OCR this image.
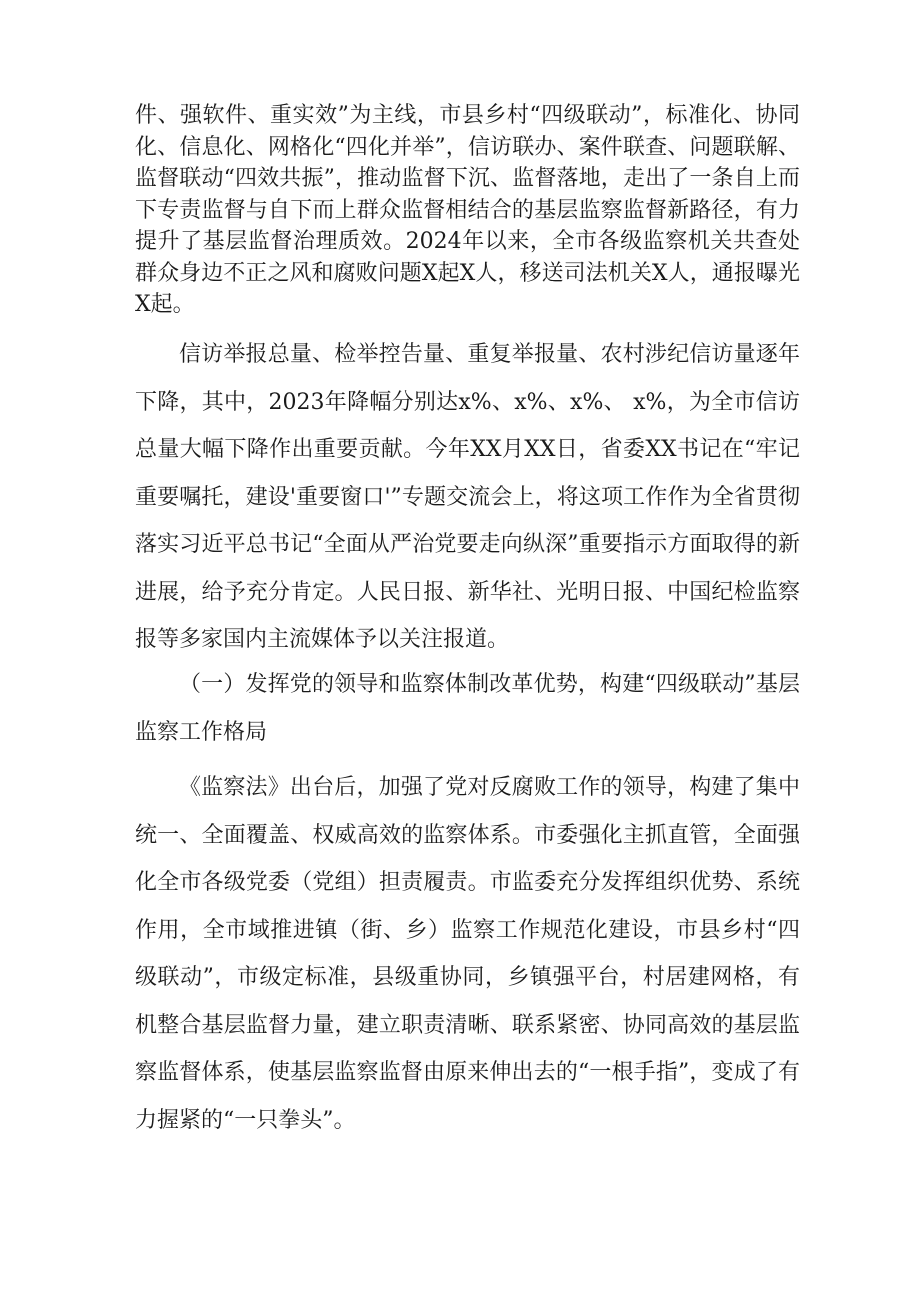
件、强软件、重实效”为主线，市县乡村“四级联动”，标准化、协同化、信息化、网格化“四化并举”，信访联办、案件联查、问题联解、监督联动“四效共振”，推动监督下沉、监督落地，走出了一条自上而下专责监督与自下而上群众监督相结合的基层监察监督新路径，有力提升了基层监督治理质效。2024年以来，全市各级监察机关共查处群众身边不正之风和腐败问题X起X人，移送司法机关X人，通报曝光X起。

信访举报总量、检举控告量、重复举报量、农村涉纪信访量逐年下降，其中，2023年降幅分别达x%、x%、x%、 x%，为全市信访总量大幅下降作出重要贡献。今年XX月XX日，省委XX书记在“牢记重要嘱托，建设'重要窗口'”专题交流会上，将这项工作作为全省贯彻落实习近平总书记“全面从严治党要走向纵深”重要指示方面取得的新进展，给予充分肯定。人民日报、新华社、光明日报、中国纪检监察报等多家国内主流媒体予以关注报道。

（一）发挥党的领导和监察体制改革优势，构建“四级联动”基层监察工作格局

《监察法》出台后，加强了党对反腐败工作的领导，构建了集中统一、全面覆盖、权威高效的监察体系。市委强化主抓直管，全面强化全市各级党委（党组）担责履责。市监委充分发挥组织优势、系统作用，全市域推进镇（街、乡）监察工作规范化建设，市县乡村“四级联动”，市级定标准，县级重协同，乡镇强平台，村居建网格，有机整合基层监督力量，建立职责清晰、联系紧密、协同高效的基层监察监督体系，使基层监察监督由原来伸出去的“一根手指”，变成了有力握紧的“一只拳头”。
